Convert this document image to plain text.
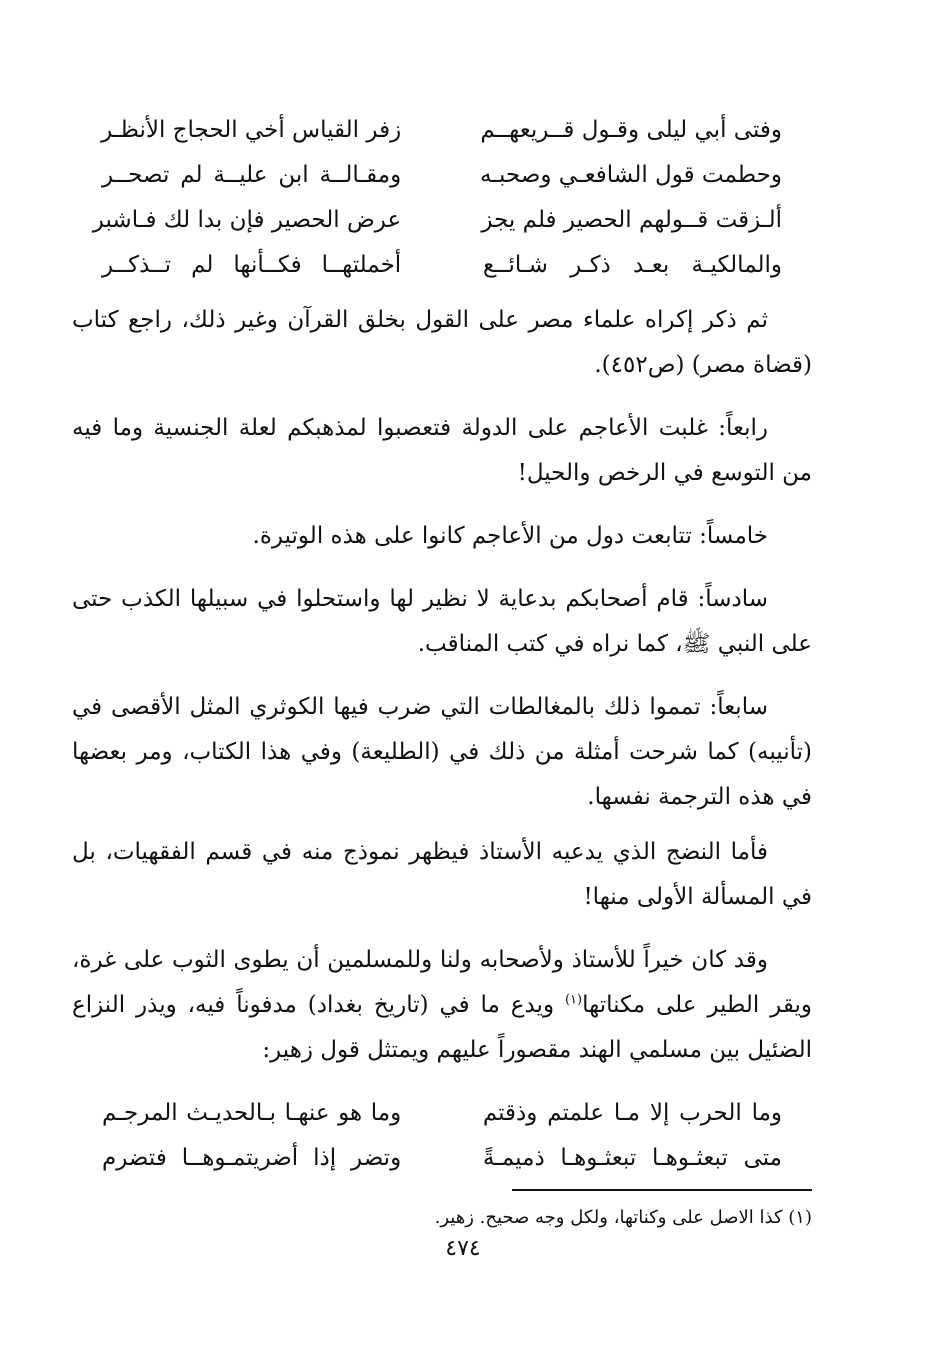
وفتى أبي ليلى وقـول قــريعهــم
زفر القياس أخي الحجاج الأنظـر
وحطمت قول الشافعـي وصحبـه
ومقـالــة ابن عليــة لم تصحــر
ألـزقت قــولهم الحصير فلم يجز
عرض الحصير فإن بدا لك فـاشبر
والمالكيـة بعـد ذكـر شـائــع
أخملتهــا فكــأنها لم تــذكــر

ثم ذكر إكراه علماء مصر على القول بخلق القرآن وغير ذلك، راجع كتاب (قضاة مصر) (ص٤٥٢).

رابعاً: غلبت الأعاجم على الدولة فتعصبوا لمذهبكم لعلة الجنسية وما فيه من التوسع في الرخص والحيل!

خامساً: تتابعت دول من الأعاجم كانوا على هذه الوتيرة.

سادساً: قام أصحابكم بدعاية لا نظير لها واستحلوا في سبيلها الكذب حتى على النبي ﷺ، كما نراه في كتب المناقب.

سابعاً: تمموا ذلك بالمغالطات التي ضرب فيها الكوثري المثل الأقصى في (تأنيبه) كما شرحت أمثلة من ذلك في (الطليعة) وفي هذا الكتاب، ومر بعضها في هذه الترجمة نفسها.

فأما النضج الذي يدعيه الأستاذ فيظهر نموذج منه في قسم الفقهيات، بل في المسألة الأولى منها!

وقد كان خيراً للأستاذ ولأصحابه ولنا وللمسلمين أن يطوى الثوب على غرة، ويقر الطير على مكناتها$^{(١)}$ ويدع ما في (تاريخ بغداد) مدفوناً فيه، ويذر النزاع الضئيل بين مسلمي الهند مقصوراً عليهم ويمتثل قول زهير:

وما الحرب إلا مـا علمتم وذقتم
وما هو عنهـا بـالحديـث المرجـم
متى تبعثـوهـا تبعثـوهـا ذميمـةً
وتضر إذا أضريتمـوهــا فتضرم
(١) كذا الاصل على وكناتها، ولكل وجه صحيح. زهير.
٤٧٤
